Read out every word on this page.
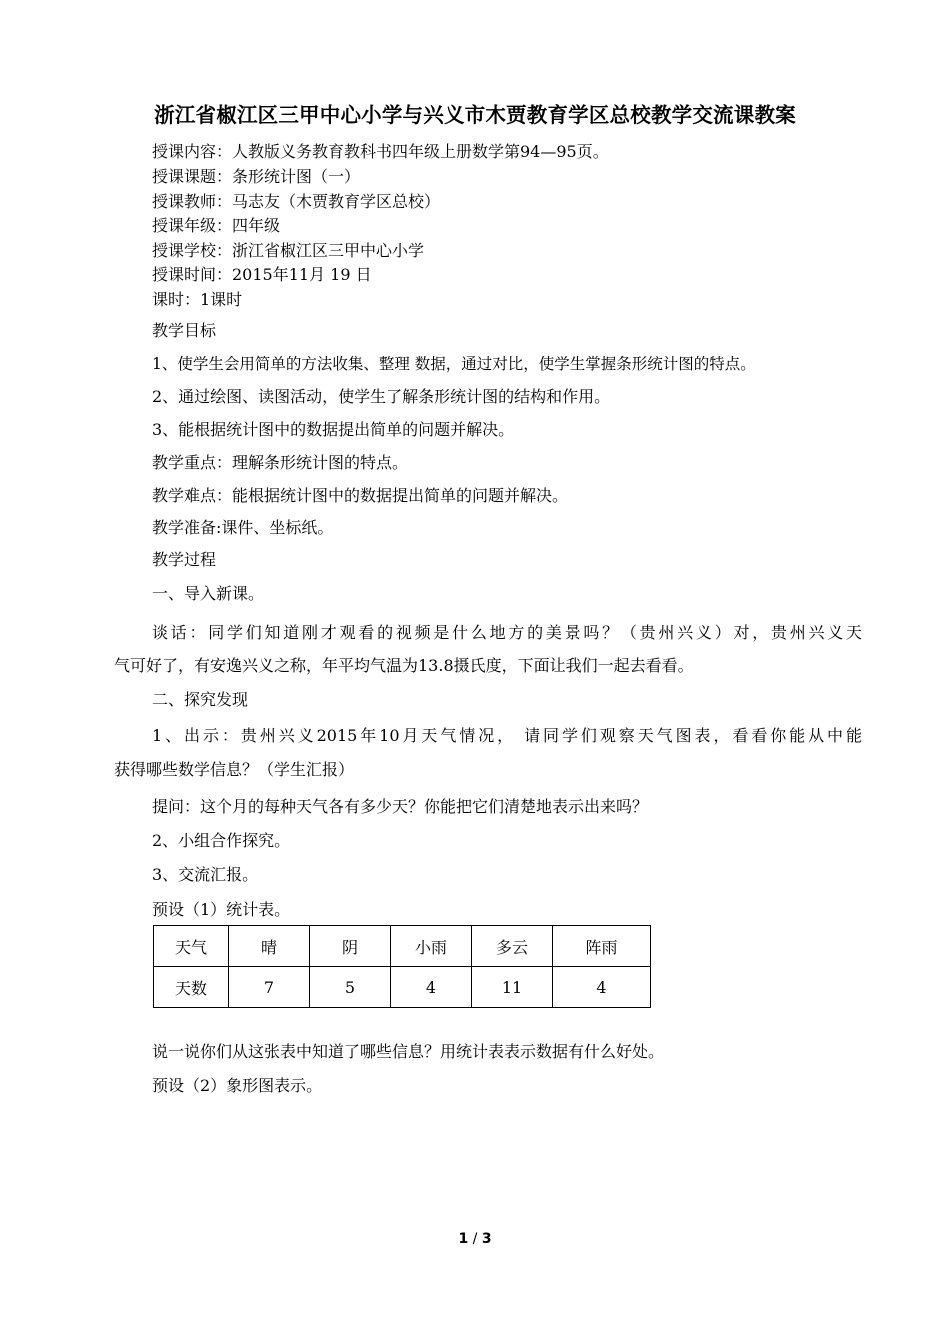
浙江省椒江区三甲中心小学与兴义市木贾教育学区总校教学交流课教案
授课内容：人教版义务教育教科书四年级上册数学第94—95页。
授课课题：条形统计图（一）
授课教师：马志友（木贾教育学区总校）
授课年级：四年级
授课学校：浙江省椒江区三甲中心小学
授课时间：2015年11月 19 日
课时：1课时
教学目标
1、使学生会用简单的方法收集、整理 数据，通过对比，使学生掌握条形统计图的特点。
2、通过绘图、读图活动，使学生了解条形统计图的结构和作用。
3、能根据统计图中的数据提出简单的问题并解决。
教学重点：理解条形统计图的特点。
教学难点：能根据统计图中的数据提出简单的问题并解决。
教学准备:课件、坐标纸。
教学过程
一、导入新课。
谈话：同学们知道刚才观看的视频是什么地方的美景吗？（贵州兴义）对，贵州兴义天
气可好了，有安逸兴义之称，年平均气温为13.8摄氏度，下面让我们一起去看看。
二、探究发现
1、出示：贵州兴义2015年10月天气情况， 请同学们观察天气图表，看看你能从中能
获得哪些数学信息？（学生汇报）
提问：这个月的每种天气各有多少天？你能把它们清楚地表示出来吗？
2、小组合作探究。
3、交流汇报。
预设（1）统计表。
天气	晴	阴	小雨	多云	阵雨
天数	7	5	4	11	4
说一说你们从这张表中知道了哪些信息？用统计表表示数据有什么好处。
预设（2）象形图表示。
1 / 3
